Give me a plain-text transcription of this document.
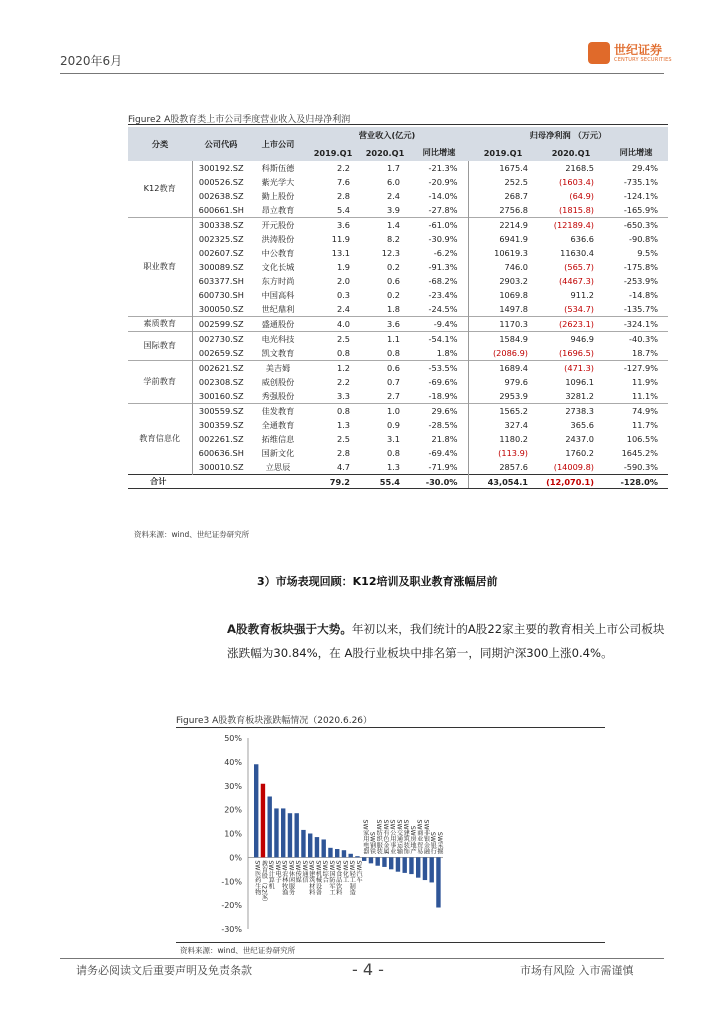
2020年6月
世纪证券
CENTURY SECURITIES
Figure2 A股教育类上市公司季度营业收入及归母净利润
分类	公司代码	上市公司	营业收入(亿元)			归母净利润 （万元）		
			2019.Q1	2020.Q1	同比增速	2019.Q1	2020.Q1	同比增速
K12教育	300192.SZ	科斯伍德	2.2	1.7	-21.3%	1675.4	2168.5	29.4%
	000526.SZ	紫光学大	7.6	6.0	-20.9%	252.5	(1603.4)	-735.1%
	002638.SZ	勤上股份	2.8	2.4	-14.0%	268.7	(64.9)	-124.1%
	600661.SH	昂立教育	5.4	3.9	-27.8%	2756.8	(1815.8)	-165.9%
职业教育	300338.SZ	开元股份	3.6	1.4	-61.0%	2214.9	(12189.4)	-650.3%
	002325.SZ	洪涛股份	11.9	8.2	-30.9%	6941.9	636.6	-90.8%
	002607.SZ	中公教育	13.1	12.3	-6.2%	10619.3	11630.4	9.5%
	300089.SZ	文化长城	1.9	0.2	-91.3%	746.0	(565.7)	-175.8%
	603377.SH	东方时尚	2.0	0.6	-68.2%	2903.2	(4467.3)	-253.9%
	600730.SH	中国高科	0.3	0.2	-23.4%	1069.8	911.2	-14.8%
	300050.SZ	世纪鼎利	2.4	1.8	-24.5%	1497.8	(534.7)	-135.7%
素质教育	002599.SZ	盛通股份	4.0	3.6	-9.4%	1170.3	(2623.1)	-324.1%
国际教育	002730.SZ	电光科技	2.5	1.1	-54.1%	1584.9	946.9	-40.3%
	002659.SZ	凯文教育	0.8	0.8	1.8%	(2086.9)	(1696.5)	18.7%
学前教育	002621.SZ	美吉姆	1.2	0.6	-53.5%	1689.4	(471.3)	-127.9%
	002308.SZ	威创股份	2.2	0.7	-69.6%	979.6	1096.1	11.9%
	300160.SZ	秀强股份	3.3	2.7	-18.9%	2953.9	3281.2	11.1%
教育信息化	300559.SZ	佳发教育	0.8	1.0	29.6%	1565.2	2738.3	74.9%
	300359.SZ	全通教育	1.3	0.9	-28.5%	327.4	365.6	11.7%
	002261.SZ	拓维信息	2.5	3.1	21.8%	1180.2	2437.0	106.5%
	600636.SH	国新文化	2.8	0.8	-69.4%	(113.9)	1760.2	1645.2%
	300010.SZ	立思辰	4.7	1.3	-71.9%	2857.6	(14009.8)	-590.3%
合计			79.2	55.4	-30.0%	43,054.1	(12,070.1)	-128.0%
资料来源：wind、世纪证券研究所
3）市场表现回顾：K12培训及职业教育涨幅居前
A股教育板块强于大势。年初以来，我们统计的A股22家主要的教育相关上市公司板块涨跌幅为30.84%，在 A股行业板块中排名第一，同期沪深300上涨0.4%。
Figure3 A股教育板块涨跌幅情况（2020.6.26）
50%
40%
30%
20%
10%
0%
-10%
-20%
-30%
SW医药生物 教育股（22家） SW计算机 SW电子 SW农林牧渔 SW休闲服务 SW传媒 SW通信 SW建筑材料 SW机械设备 SW综合 SW国防军工 SW食品饮料 SW化工 SW轻工制造 SW汽车
SW家用电器 SW钢铁 SW纺织服装 SW有色金属 SW公用事业 SW交通运输 SW建筑装饰 SW房地产 SW商业贸易 SW非银金融 SW银行 SW采掘
资料来源：wind、世纪证券研究所
请务必阅读文后重要声明及免责条款	- 4 -	市场有风险 入市需谨慎
